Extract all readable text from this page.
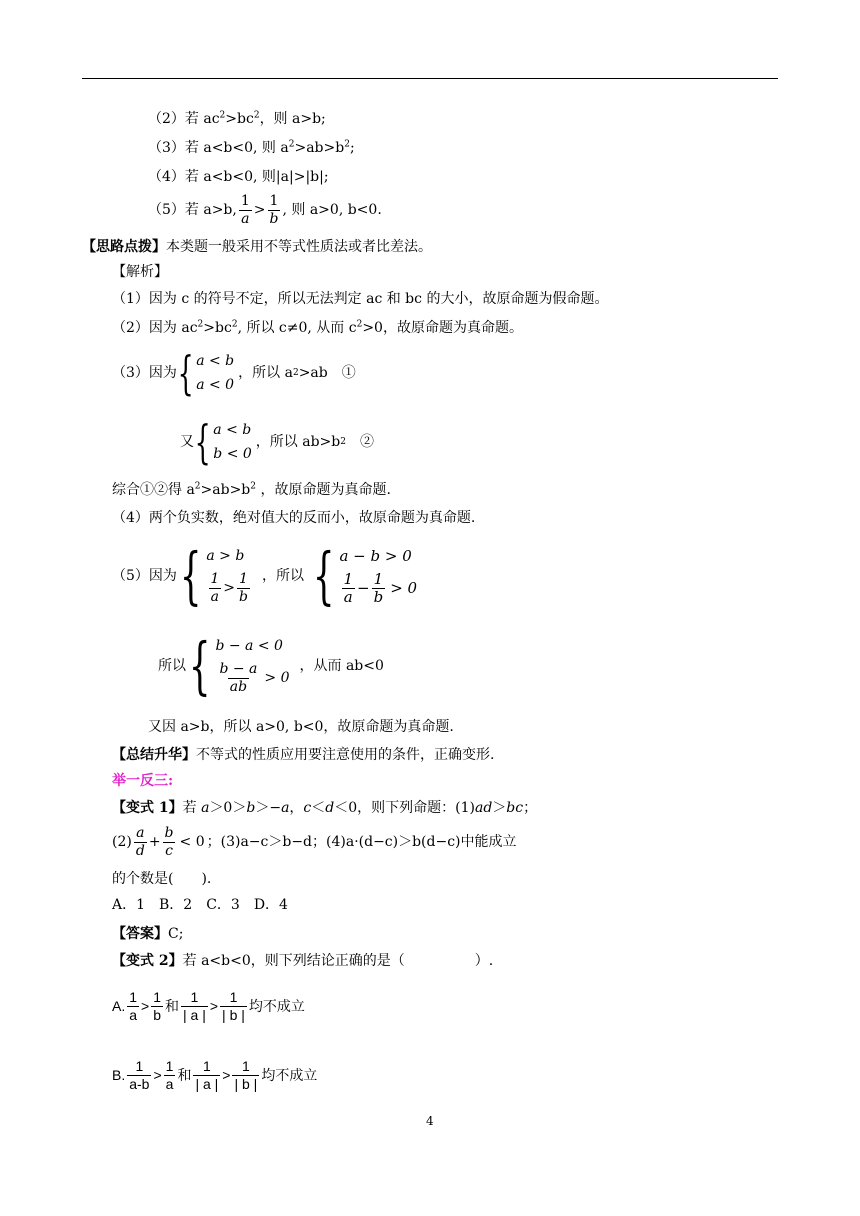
（2）若 $ac^2>bc^2$，则 a>b;
（3）若 a<b<0, 则 $a^2>ab>b^2$;
（4）若 a<b<0, 则|a|>|b|;
（5）若 a>b, $\frac{1}{a} > \frac{1}{b}$ , 则 a>0, b<0.
【思路点拨】本类题一般采用不等式性质法或者比差法。
【解析】
（1）因为 c 的符号不定，所以无法判定 ac 和 bc 的大小，故原命题为假命题。
（2）因为 $ac^2>bc^2$, 所以 c≠0, 从而 $c^2>0$，故原命题为真命题。
（3）因为 { a < b
a < 0
，所以 a 2 >ab　①
又 { a < b
b < 0
，所以 ab>b 2 　②
综合①②得 $a^2>ab>b^2$ ，故原命题为真命题.
（4）两个负实数，绝对值大的反而小，故原命题为真命题.
（5）因为 { a > b
$\frac{1}{a} > \frac{1}{b}$ ，所以 { a − b > 0
$\frac{1}{a} - \frac{1}{b} > 0$
所以 { b − a < 0
$\frac{b - a}{ab} > 0$
，从而 ab<0
又因 a>b，所以 a>0, b<0，故原命题为真命题.
【总结升华】不等式的性质应用要注意使用的条件，正确变形.
举一反三:
【变式 1】若 a＞0＞b＞−a，c＜d＜0，则下列命题：(1)ad＞bc；
$(2) \frac{a}{d} + \frac{b}{c} < 0$ ；(3)a−c＞b−d；(4)a·(d−c)＞b(d−c)中能成立
的个数是(　　).
A．1　B．2　C．3　D．4
【答案】C;
【变式 2】若 a<b<0，则下列结论正确的是（　　　　　）.
A. $\frac{1}{a} > \frac{1}{b}$ 和 $\frac{1}{| a |} > \frac{1}{| b |}$ 均不成立
B. $\frac{1}{a-b} > \frac{1}{a}$ 和 $\frac{1}{| a |} > \frac{1}{| b |}$ 均不成立
4
